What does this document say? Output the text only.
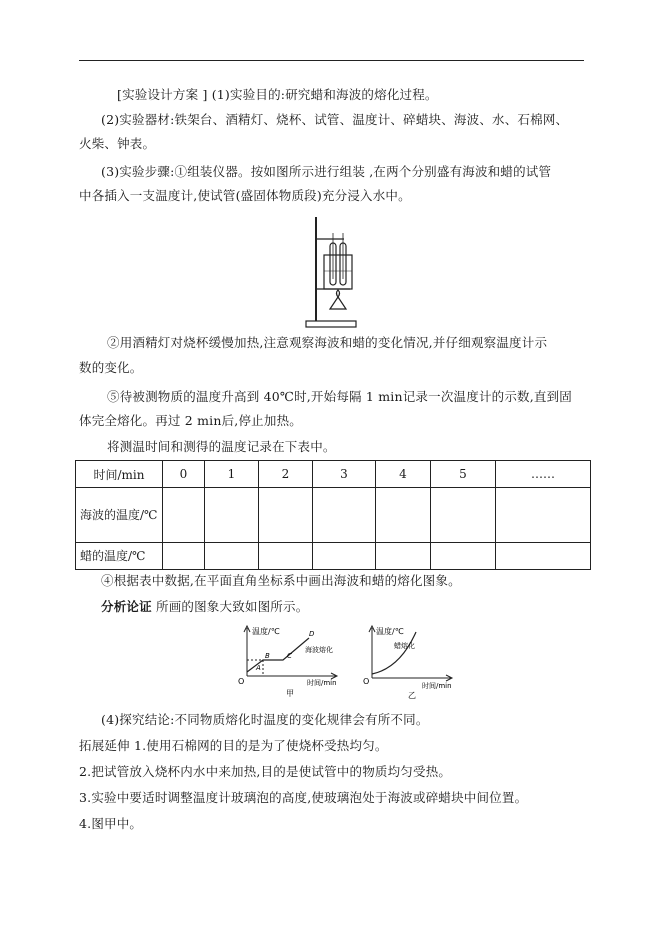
[实验设计方案 ] (1)实验目的:研究蜡和海波的熔化过程。
(2)实验器材:铁架台、酒精灯、烧杯、试管、温度计、碎蜡块、海波、水、石棉网、
火柴、钟表。
(3)实验步骤:①组装仪器。按如图所示进行组装 ,在两个分别盛有海波和蜡的试管
中各插入一支温度计,使试管(盛固体物质段)充分浸入水中。
②用酒精灯对烧杯缓慢加热,注意观察海波和蜡的变化情况,并仔细观察温度计示
数的变化。
⑤待被测物质的温度升高到 40℃时,开始每隔 1 min记录一次温度计的示数,直到固
体完全熔化。再过 2 min后,停止加热。
将测温时间和测得的温度记录在下表中。
时间/min	0	1	2	3	4	5	……
海波的温度/℃							
蜡的温度/℃							
④根据表中数据,在平面直角坐标系中画出海波和蜡的熔化图象。
分析论证 所画的图象大致如图所示。
温度/℃
时间/min
O
A
B C
D
海波熔化
甲
温度/℃
时间/min
O
蜡熔化
乙
(4)探究结论:不同物质熔化时温度的变化规律会有所不同。
拓展延伸 1.使用石棉网的目的是为了使烧杯受热均匀。
2.把试管放入烧杯内水中来加热,目的是使试管中的物质均匀受热。
3.实验中要适时调整温度计玻璃泡的高度,使玻璃泡处于海波或碎蜡块中间位置。
4.图甲中。
